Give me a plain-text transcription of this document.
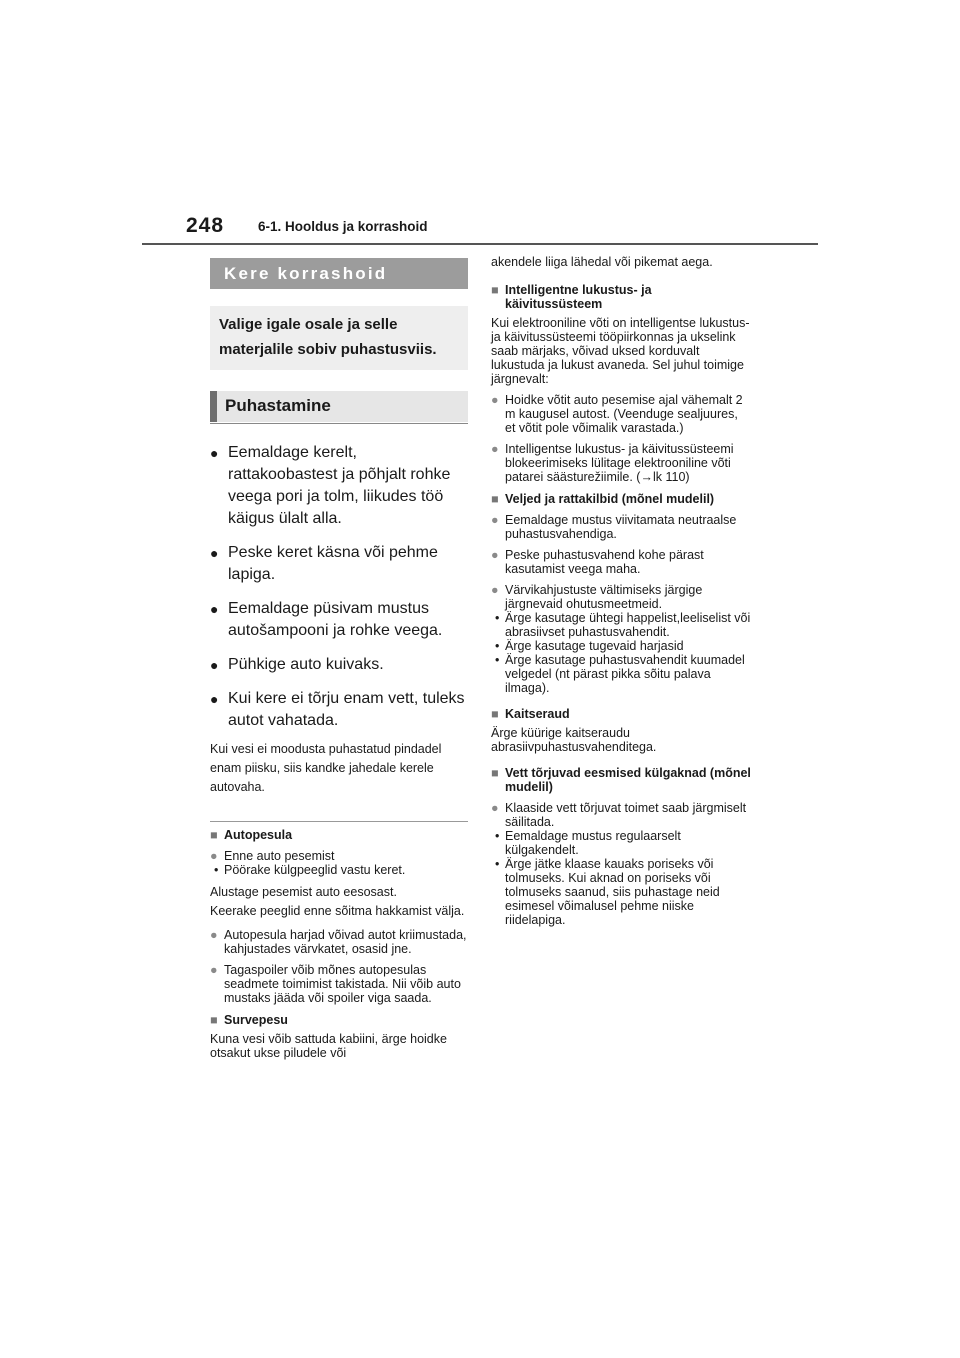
248	6-1. Hooldus ja korrashoid
Kere korrashoid
Valige igale osale ja selle materjalile sobiv puhastusviis.
Puhastamine
● Eemaldage kerelt, rattakoobastest ja põhjalt rohke veega pori ja tolm, liikudes töö käigus ülalt alla.
● Peske keret käsna või pehme lapiga.
● Eemaldage püsivam mustus autošampooni ja rohke veega.
● Pühkige auto kuivaks.
● Kui kere ei tõrju enam vett, tuleks autot vahatada.
Kui vesi ei moodusta puhastatud pindadel enam piisku, siis kandke jahedale kerele autovaha.
■ Autopesula
● Enne auto pesemist
• Pöörake külgpeeglid vastu keret.
Alustage pesemist auto eesosast.
Keerake peeglid enne sõitma hakkamist välja.
● Autopesula harjad võivad autot kriimustada, kahjustades värvkatet, osasid jne.
● Tagaspoiler võib mõnes autopesulas seadmete toimimist takistada. Nii võib auto mustaks jääda või spoiler viga saada.
■ Survepesu
Kuna vesi võib sattuda kabiini, ärge hoidke otsakut ukse piludele või
akendele liiga lähedal või pikemat aega.
■ Intelligentne lukustus- ja käivitussüsteem
Kui elektrooniline võti on intelligentse lukustus- ja käivitussüsteemi tööpiirkonnas ja ukselink saab märjaks, võivad uksed korduvalt lukustuda ja lukust avaneda. Sel juhul toimige järgnevalt:
● Hoidke võtit auto pesemise ajal vähemalt 2 m kaugusel autost. (Veenduge sealjuures, et võtit pole võimalik varastada.)
● Intelligentse lukustus- ja käivitussüsteemi blokeerimiseks lülitage elektrooniline võti patarei säästurežiimile. (→lk 110)
■ Veljed ja rattakilbid (mõnel mudelil)
● Eemaldage mustus viivitamata neutraalse puhastusvahendiga.
● Peske puhastusvahend kohe pärast kasutamist veega maha.
● Värvikahjustuste vältimiseks järgige järgnevaid ohutusmeetmeid.
• Ärge kasutage ühtegi happelist,leeliselist või abrasiivset puhastusvahendit.
• Ärge kasutage tugevaid harjasid
• Ärge kasutage puhastusvahendit kuumadel velgedel (nt pärast pikka sõitu palava ilmaga).
■ Kaitseraud
Ärge küürige kaitseraudu abrasiivpuhastusvahenditega.
■ Vett tõrjuvad eesmised külgaknad (mõnel mudelil)
● Klaaside vett tõrjuvat toimet saab järgmiselt säilitada.
• Eemaldage mustus regulaarselt külgakendelt.
• Ärge jätke klaase kauaks poriseks või tolmuseks. Kui aknad on poriseks või tolmuseks saanud, siis puhastage neid esimesel võimalusel pehme niiske riidelapiga.
